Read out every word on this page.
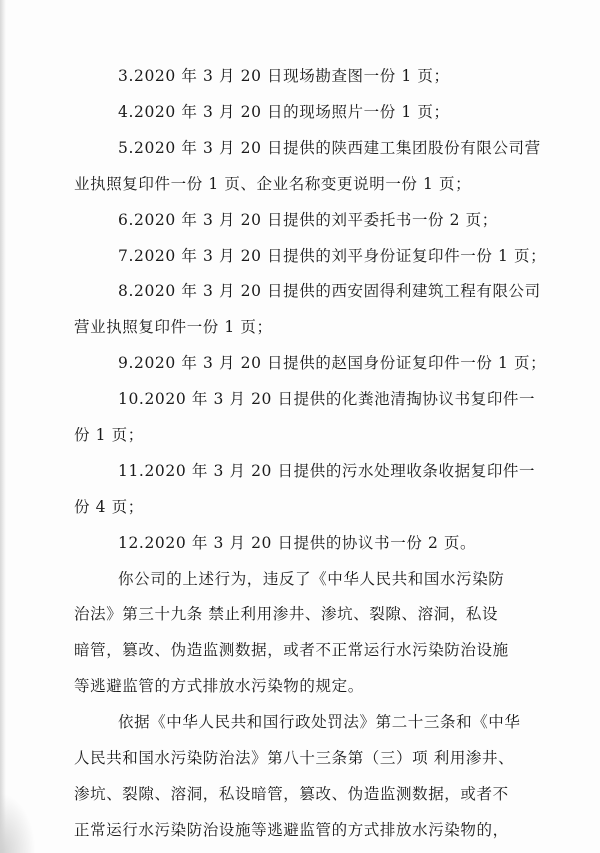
3.2020 年 3 月 20 日现场勘查图一份 1 页；
4.2020 年 3 月 20 日的现场照片一份 1 页；
5.2020 年 3 月 20 日提供的陕西建工集团股份有限公司营
业执照复印件一份 1 页、企业名称变更说明一份 1 页；
6.2020 年 3 月 20 日提供的刘平委托书一份 2 页；
7.2020 年 3 月 20 日提供的刘平身份证复印件一份 1 页；
8.2020 年 3 月 20 日提供的西安固得利建筑工程有限公司
营业执照复印件一份 1 页；
9.2020 年 3 月 20 日提供的赵国身份证复印件一份 1 页；
10.2020 年 3 月 20 日提供的化粪池清掏协议书复印件一
份 1 页；
11.2020 年 3 月 20 日提供的污水处理收条收据复印件一
份 4 页；
12.2020 年 3 月 20 日提供的协议书一份 2 页。
你公司的上述行为，违反了《中华人民共和国水污染防
治法》第三十九条 禁止利用渗井、渗坑、裂隙、溶洞，私设
暗管，篡改、伪造监测数据，或者不正常运行水污染防治设施
等逃避监管的方式排放水污染物的规定。
依据《中华人民共和国行政处罚法》第二十三条和《中华
人民共和国水污染防治法》第八十三条第（三）项 利用渗井、
渗坑、裂隙、溶洞，私设暗管，篡改、伪造监测数据，或者不
正常运行水污染防治设施等逃避监管的方式排放水污染物的，
